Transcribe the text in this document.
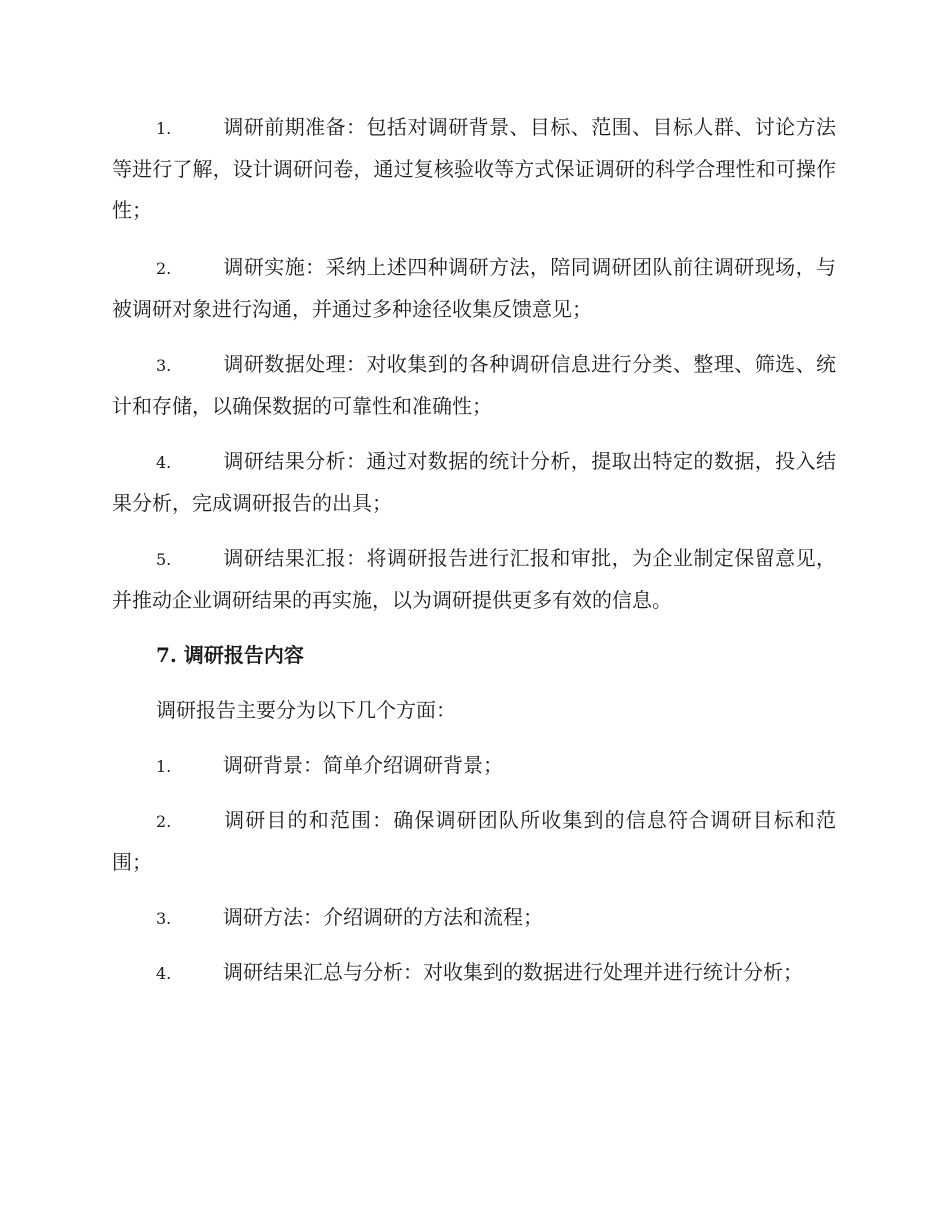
1.	调研前期准备：包括对调研背景、目标、范围、目标人群、讨论方法等进行了解，设计调研问卷，通过复核验收等方式保证调研的科学合理性和可操作性；

2.	调研实施：采纳上述四种调研方法，陪同调研团队前往调研现场，与被调研对象进行沟通，并通过多种途径收集反馈意见；

3.	调研数据处理：对收集到的各种调研信息进行分类、整理、筛选、统计和存储，以确保数据的可靠性和准确性；

4.	调研结果分析：通过对数据的统计分析，提取出特定的数据，投入结果分析，完成调研报告的出具；

5.	调研结果汇报：将调研报告进行汇报和审批，为企业制定保留意见，并推动企业调研结果的再实施，以为调研提供更多有效的信息。

7. 调研报告内容

调研报告主要分为以下几个方面：

1.	调研背景：简单介绍调研背景；

2.	调研目的和范围：确保调研团队所收集到的信息符合调研目标和范围；

3.	调研方法：介绍调研的方法和流程；

4.	调研结果汇总与分析：对收集到的数据进行处理并进行统计分析；
